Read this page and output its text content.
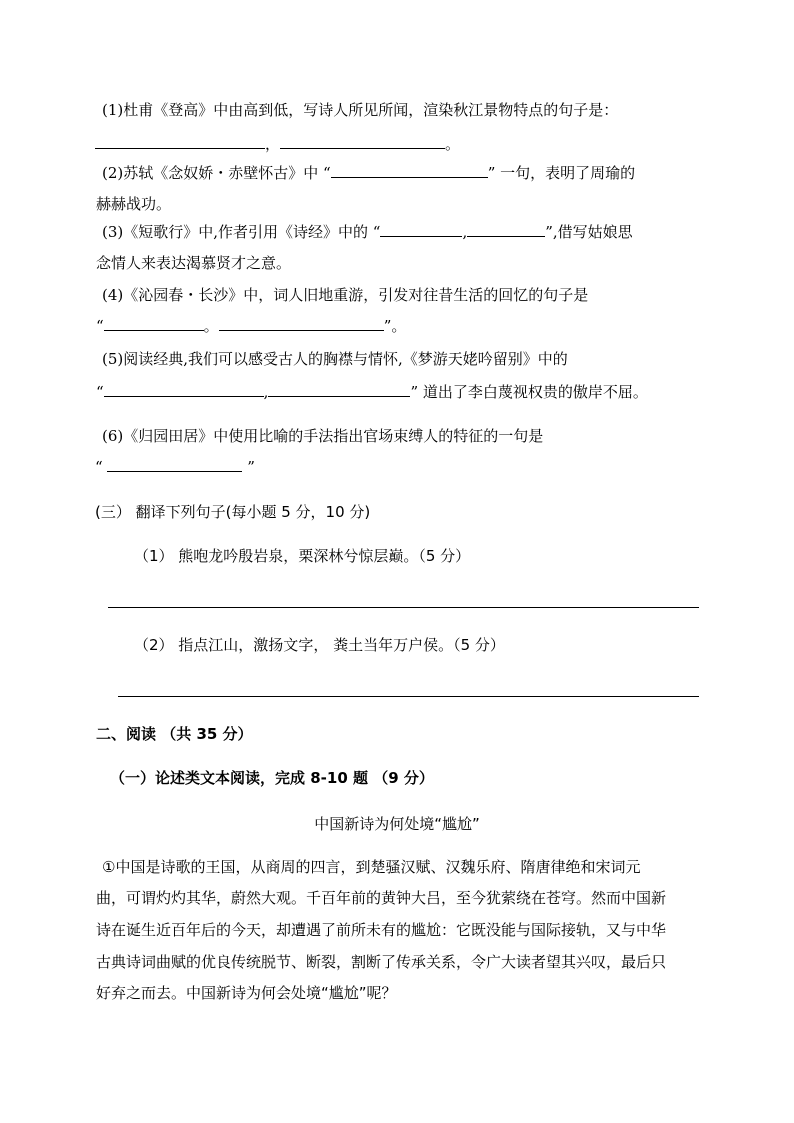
(1)杜甫《登高》中由高到低，写诗人所见所闻，渲染秋江景物特点的句子是：
，	。
(2)苏轼《念奴娇・赤壁怀古》中 “	” 一句，表明了周瑜的
赫赫战功。
(3)《短歌行》中,作者引用《诗经》中的 “	,	”,借写姑娘思
念情人来表达渴慕贤才之意。
(4)《沁园春・长沙》中，词人旧地重游，引发对往昔生活的回忆的句子是
“	。	”。
(5)阅读经典,我们可以感受古人的胸襟与情怀,《梦游天姥吟留别》中的
“	,	” 道出了李白蔑视权贵的傲岸不屈。
(6)《归园田居》中使用比喻的手法指出官场束缚人的特征的一句是
“	”
(三） 翻译下列句子(每小题 5 分，10 分)
（1） 熊咆龙吟殷岩泉，栗深林兮惊层巅。（5 分）
（2） 指点江山，激扬文字， 粪土当年万户侯。（5 分）
二、阅读 （共 35 分）
（一）论述类文本阅读，完成 8-10 题 （9 分）
中国新诗为何处境“尴尬”
①中国是诗歌的王国，从商周的四言，到楚骚汉赋、汉魏乐府、隋唐律绝和宋词元
曲，可谓灼灼其华，蔚然大观。千百年前的黄钟大吕，至今犹萦绕在苍穹。然而中国新
诗在诞生近百年后的今天，却遭遇了前所未有的尴尬：它既没能与国际接轨，又与中华
古典诗词曲赋的优良传统脱节、断裂，割断了传承关系，令广大读者望其兴叹，最后只
好弃之而去。中国新诗为何会处境“尴尬”呢？
